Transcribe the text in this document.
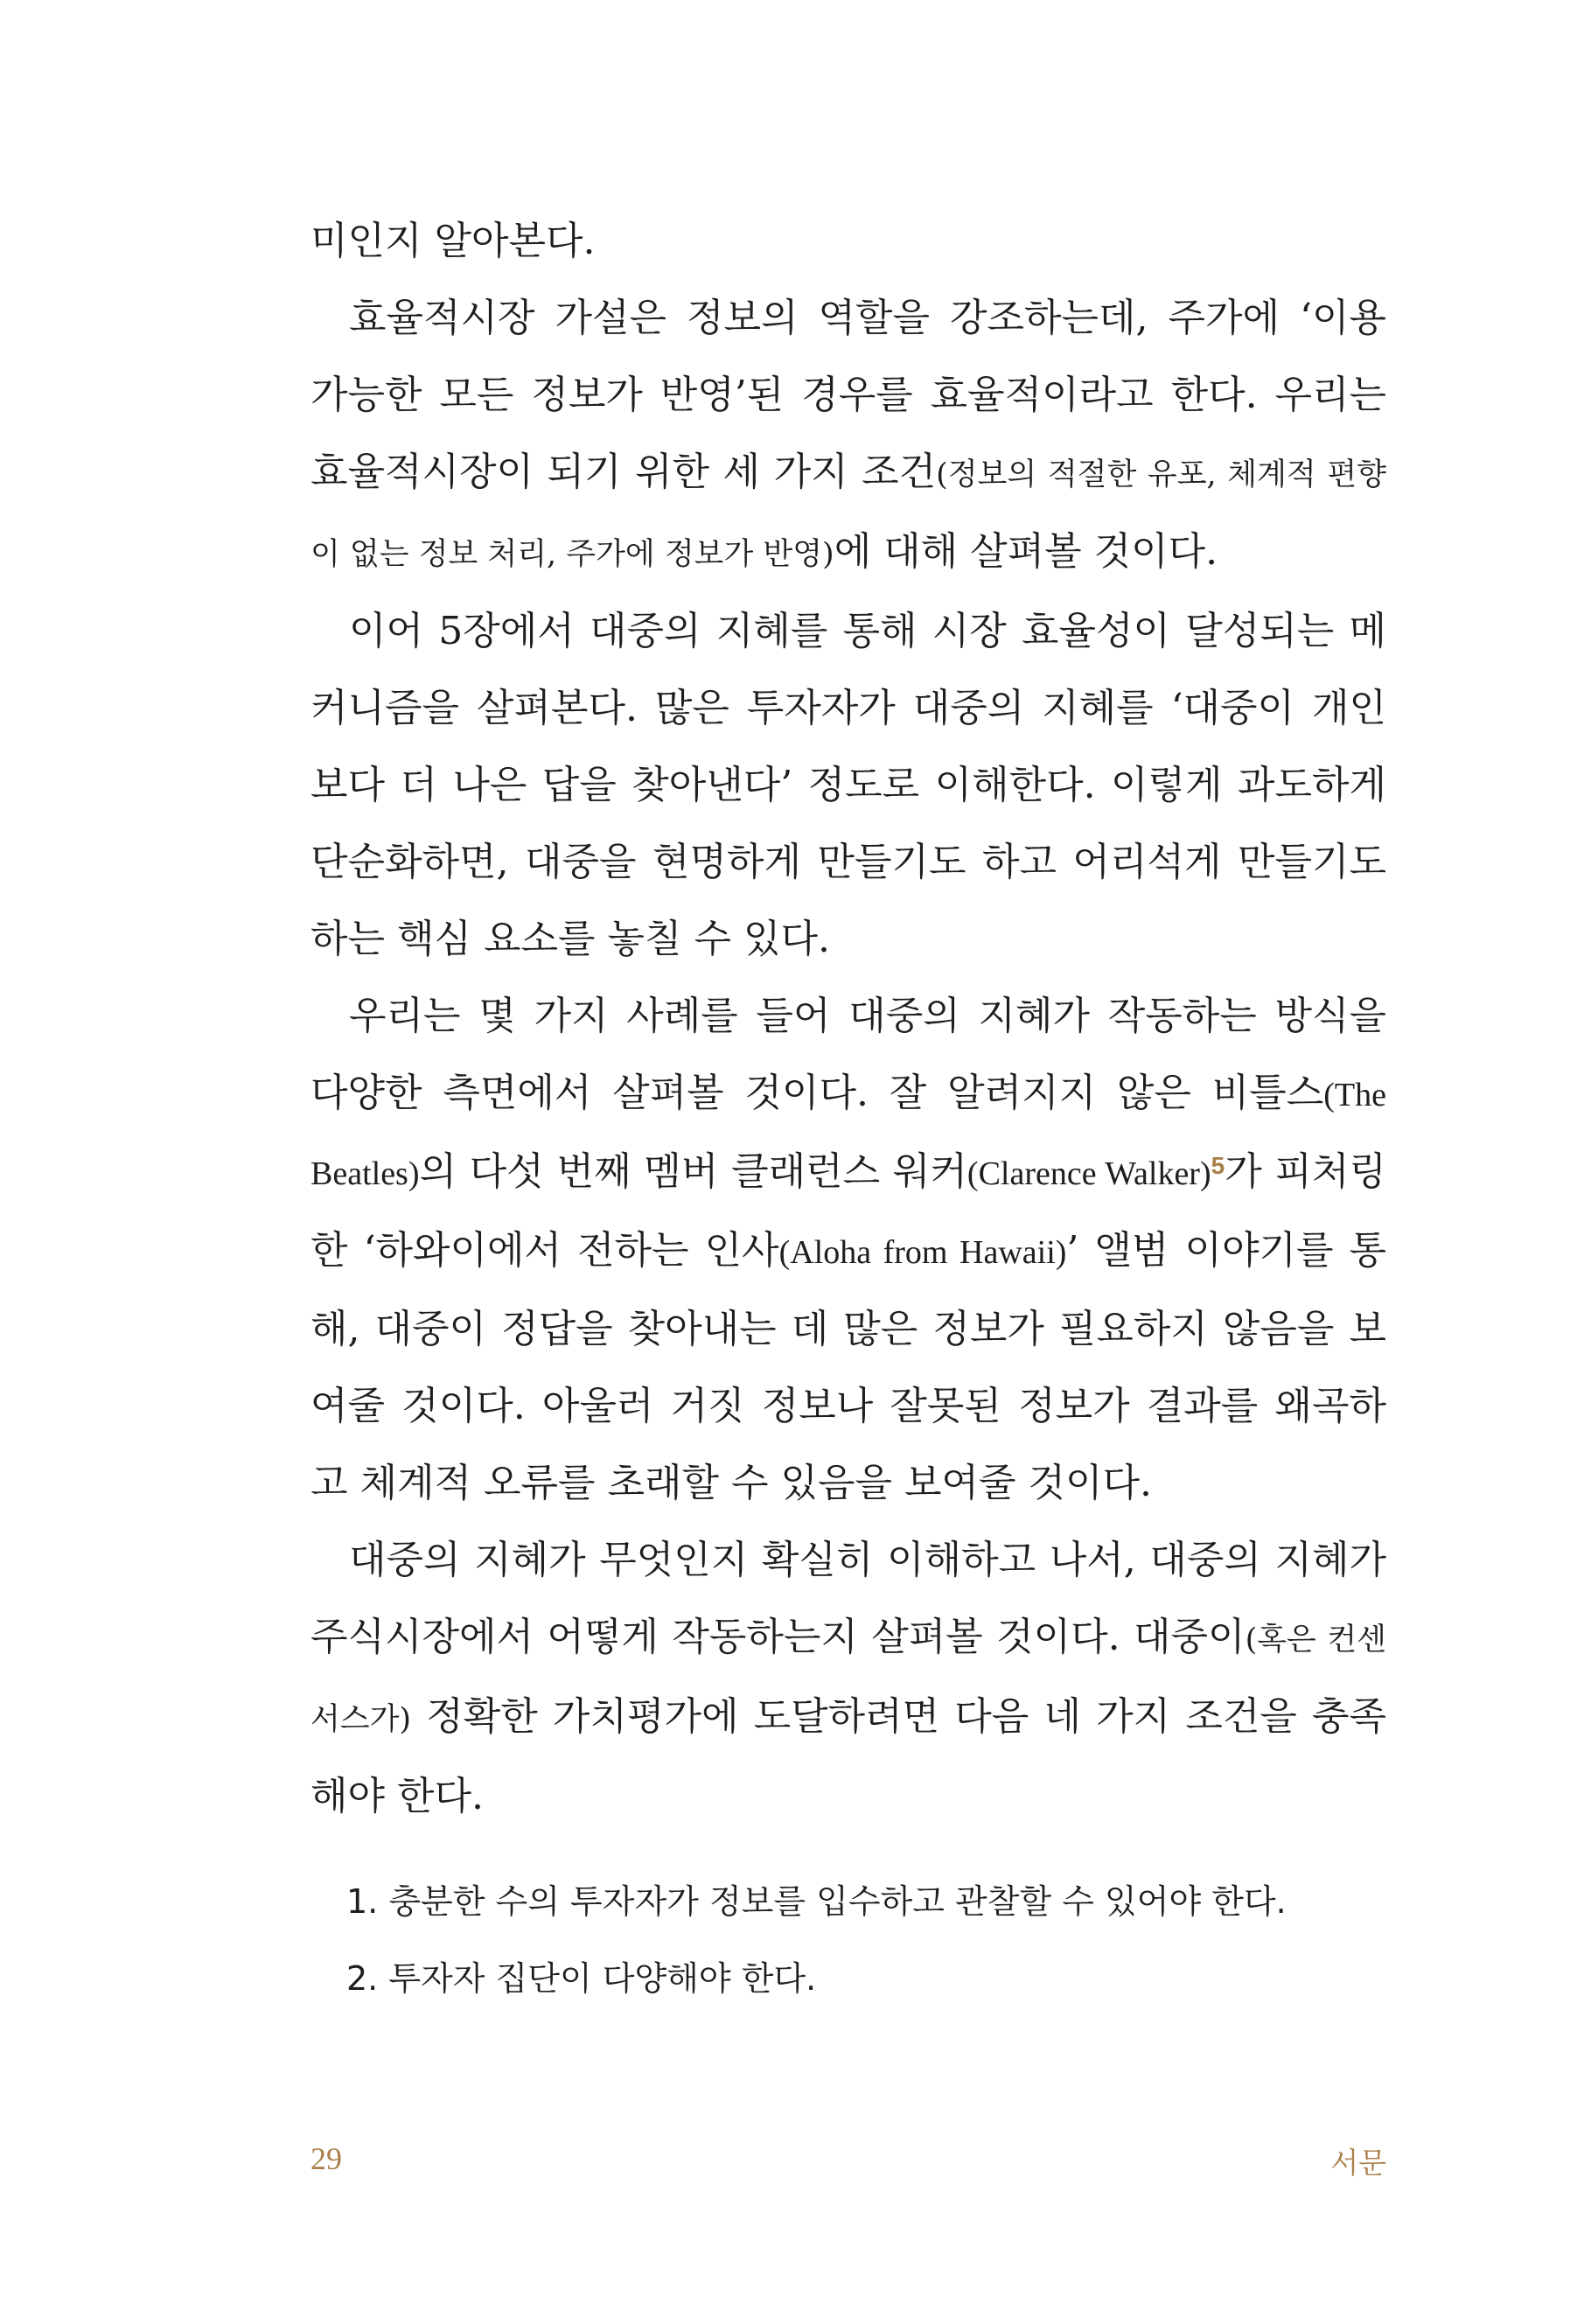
미인지 알아본다.

효율적시장 가설은 정보의 역할을 강조하는데, 주가에 ‘이용 가능한 모든 정보가 반영’된 경우를 효율적이라고 한다. 우리는 효율적시장이 되기 위한 세 가지 조건(정보의 적절한 유포, 체계적 편향이 없는 정보 처리, 주가에 정보가 반영)에 대해 살펴볼 것이다.

이어 5장에서 대중의 지혜를 통해 시장 효율성이 달성되는 메커니즘을 살펴본다. 많은 투자자가 대중의 지혜를 ‘대중이 개인보다 더 나은 답을 찾아낸다’ 정도로 이해한다. 이렇게 과도하게 단순화하면, 대중을 현명하게 만들기도 하고 어리석게 만들기도 하는 핵심 요소를 놓칠 수 있다.

우리는 몇 가지 사례를 들어 대중의 지혜가 작동하는 방식을 다양한 측면에서 살펴볼 것이다. 잘 알려지지 않은 비틀스(The Beatles)의 다섯 번째 멤버 클래런스 워커(Clarence Walker)$^5$가 피처링한 ‘하와이에서 전하는 인사(Aloha from Hawaii)’ 앨범 이야기를 통해, 대중이 정답을 찾아내는 데 많은 정보가 필요하지 않음을 보여줄 것이다. 아울러 거짓 정보나 잘못된 정보가 결과를 왜곡하고 체계적 오류를 초래할 수 있음을 보여줄 것이다.

대중의 지혜가 무엇인지 확실히 이해하고 나서, 대중의 지혜가 주식시장에서 어떻게 작동하는지 살펴볼 것이다. 대중이(혹은 컨센서스가) 정확한 가치평가에 도달하려면 다음 네 가지 조건을 충족해야 한다.

1. 충분한 수의 투자자가 정보를 입수하고 관찰할 수 있어야 한다.
2. 투자자 집단이 다양해야 한다.
29	서문
